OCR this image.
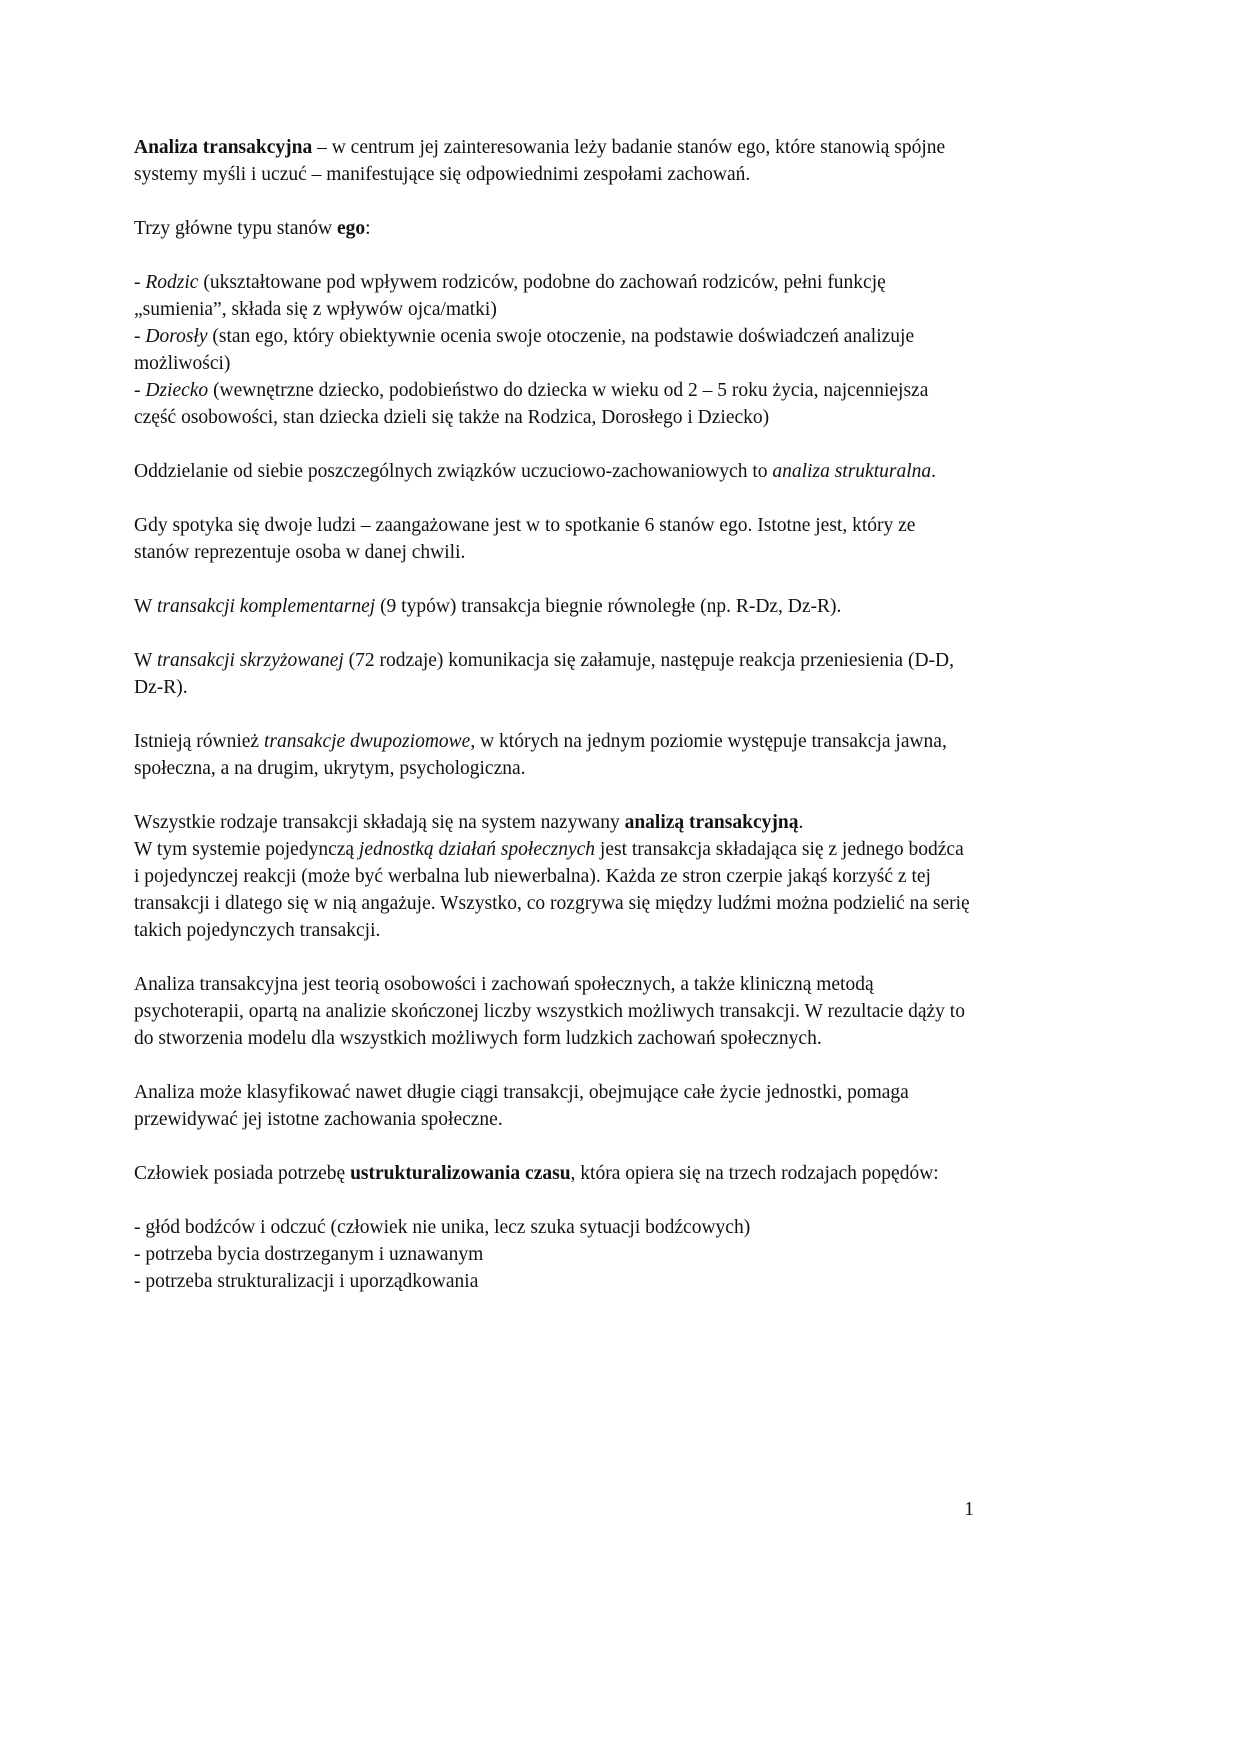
Analiza transakcyjna – w centrum jej zainteresowania leży badanie stanów ego, które stanowią spójne systemy myśli i uczuć – manifestujące się odpowiednimi zespołami zachowań.

Trzy główne typu stanów ego:

- Rodzic (ukształtowane pod wpływem rodziców, podobne do zachowań rodziców, pełni funkcję „sumienia”, składa się z wpływów ojca/matki)

- Dorosły (stan ego, który obiektywnie ocenia swoje otoczenie, na podstawie doświadczeń analizuje możliwości)

- Dziecko (wewnętrzne dziecko, podobieństwo do dziecka w wieku od 2 – 5 roku życia, najcenniejsza część osobowości, stan dziecka dzieli się także na Rodzica, Dorosłego i Dziecko)

Oddzielanie od siebie poszczególnych związków uczuciowo-zachowaniowych to analiza strukturalna.

Gdy spotyka się dwoje ludzi – zaangażowane jest w to spotkanie 6 stanów ego. Istotne jest, który ze stanów reprezentuje osoba w danej chwili.

W transakcji komplementarnej (9 typów) transakcja biegnie równoległe (np. R-Dz, Dz-R).

W transakcji skrzyżowanej (72 rodzaje) komunikacja się załamuje, następuje reakcja przeniesienia (D-D, Dz-R).

Istnieją również transakcje dwupoziomowe, w których na jednym poziomie występuje transakcja jawna, społeczna, a na drugim, ukrytym, psychologiczna.

Wszystkie rodzaje transakcji składają się na system nazywany analizą transakcyjną.

W tym systemie pojedynczą jednostką działań społecznych jest transakcja składająca się z jednego bodźca i pojedynczej reakcji (może być werbalna lub niewerbalna). Każda ze stron czerpie jakąś korzyść z tej transakcji i dlatego się w nią angażuje. Wszystko, co rozgrywa się między ludźmi można podzielić na serię takich pojedynczych transakcji.

Analiza transakcyjna jest teorią osobowości i zachowań społecznych, a także kliniczną metodą psychoterapii, opartą na analizie skończonej liczby wszystkich możliwych transakcji. W rezultacie dąży to do stworzenia modelu dla wszystkich możliwych form ludzkich zachowań społecznych.

Analiza może klasyfikować nawet długie ciągi transakcji, obejmujące całe życie jednostki, pomaga przewidywać jej istotne zachowania społeczne.

Człowiek posiada potrzebę ustrukturalizowania czasu, która opiera się na trzech rodzajach popędów:

- głód bodźców i odczuć (człowiek nie unika, lecz szuka sytuacji bodźcowych)

- potrzeba bycia dostrzeganym i uznawanym

- potrzeba strukturalizacji i uporządkowania

1
